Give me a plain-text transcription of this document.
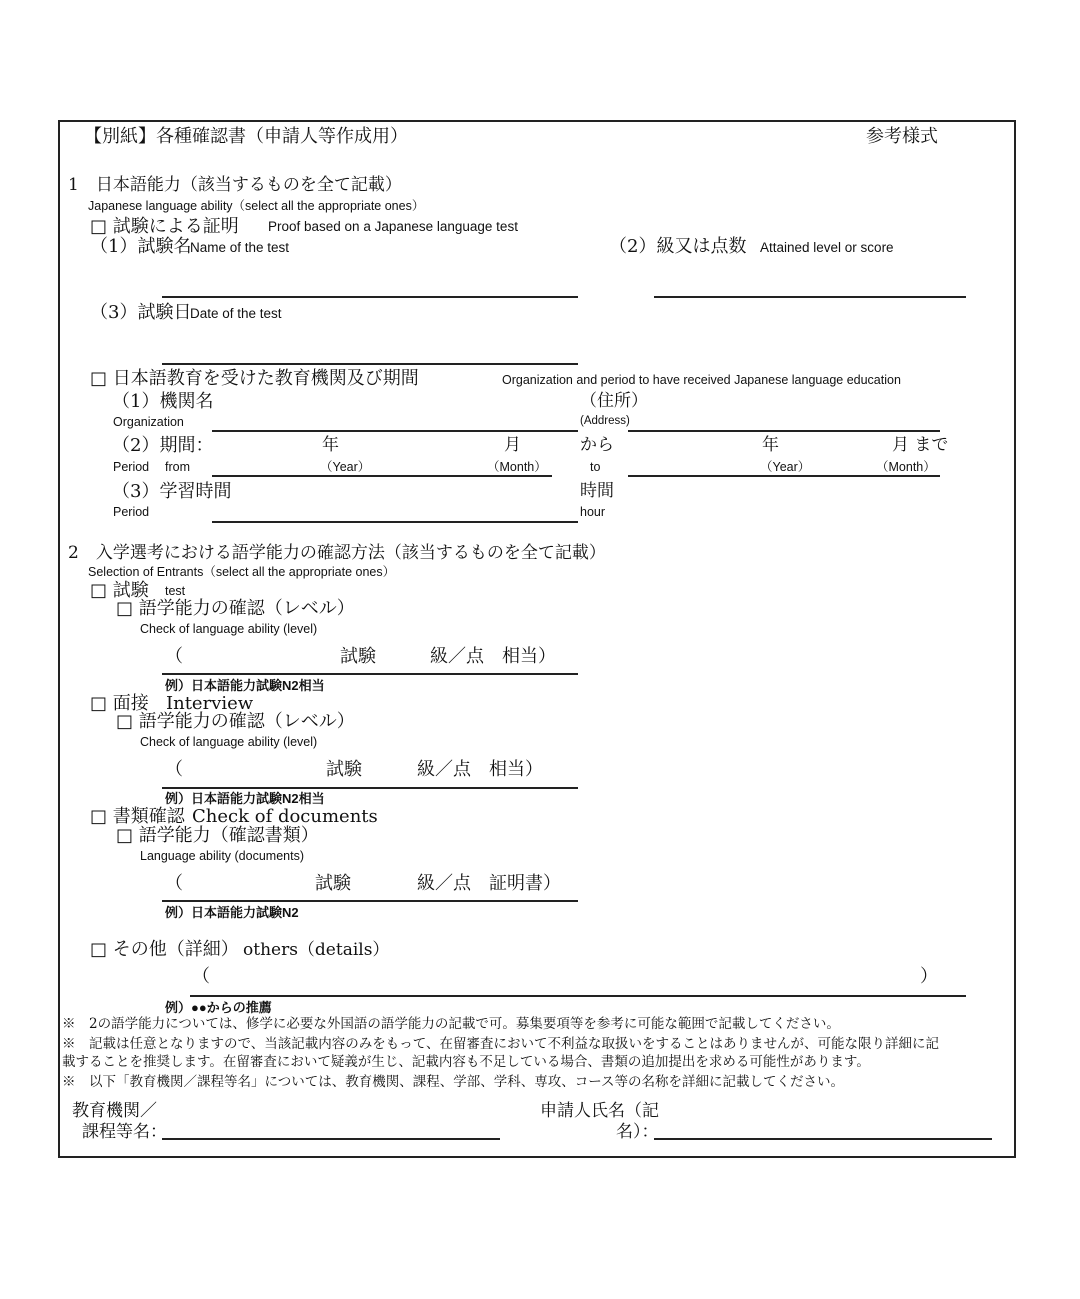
【別紙】各種確認書（申請人等作成用）	参考様式
1　日本語能力（該当するものを全て記載）
Japanese language ability（select all the appropriate ones）
□ 試験による証明 Proof based on a Japanese language test
（1）試験名
Name of the test	（2）級又は点数 Attained level or score
（3）試験日
Date of the test
□ 日本語教育を受けた教育機関及び期間	Organization and period to have received Japanese language education
（1）機関名
Organization
（住所）
(Address)
（2）期間：
Period from
年
（Year）
月
（Month）
から
to
年
（Year）
月 まで
（Month）
（3）学習時間
Period
時間
hour
2　入学選考における語学能力の確認方法（該当するものを全て記載）
Selection of Entrants（select all the appropriate ones）
□ 試験 test
□ 語学能力の確認（レベル）
Check of language ability (level)
（	試験	級／点　相当）
例）日本語能力試験N2相当
□ 面接 Interview
□ 語学能力の確認（レベル）
Check of language ability (level)
（	試験	級／点　相当）
例）日本語能力試験N2相当
□ 書類確認 Check of documents
□ 語学能力（確認書類）
Language ability (documents)
（	試験	級／点　証明書）
例）日本語能力試験N2
□ その他（詳細） others（details）
（	）
例）●●からの推薦
※　2の語学能力については、修学に必要な外国語の語学能力の記載で可。募集要項等を参考に可能な範囲で記載してください。
※　記載は任意となりますので、当該記載内容のみをもって、在留審査において不利益な取扱いをすることはありませんが、可能な限り詳細に記
載することを推奨します。在留審査において疑義が生じ、記載内容も不足している場合、書類の追加提出を求める可能性があります。
※　以下「教育機関／課程等名」については、教育機関、課程、学部、学科、専攻、コース等の名称を詳細に記載してください。
教育機関／
課程等名：
申請人氏名（記
名）：
